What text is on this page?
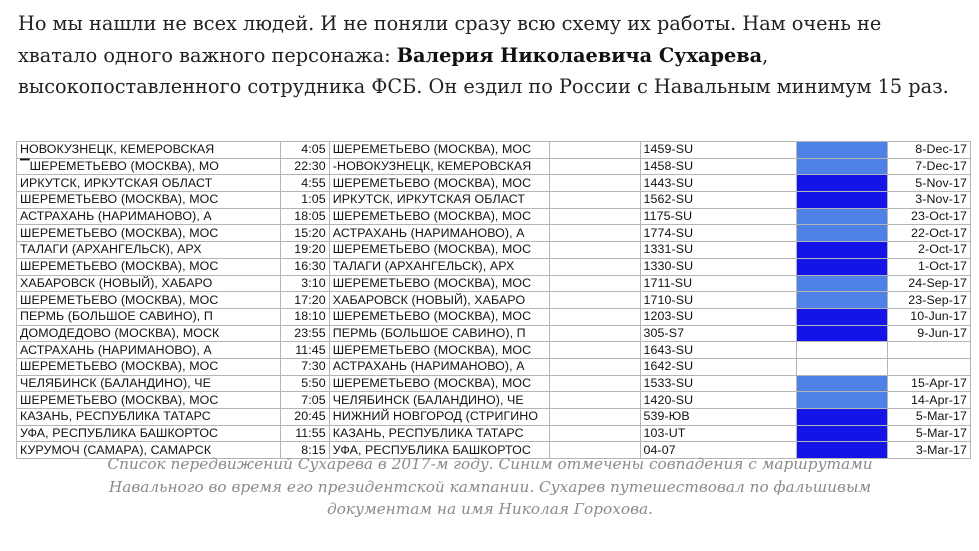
Но мы нашли не всех людей. И не поняли сразу всю схему их работы. Нам очень не хватало одного важного персонажа: Валерия Николаевича Сухарева, высокопоставленного сотрудника ФСБ. Он ездил по России с Навальным минимум 15 раз.

НОВОКУЗНЕЦК, КЕМЕРОВСКАЯ	4:05	ШЕРЕМЕТЬЕВО (МОСКВА), МОС		1459-SU		8-Dec-17
▔ШЕРЕМЕТЬЕВО (МОСКВА), МО	22:30	-НОВОКУЗНЕЦК, КЕМЕРОВСКАЯ		1458-SU		7-Dec-17
ИРКУТСК, ИРКУТСКАЯ ОБЛАСТ	4:55	ШЕРЕМЕТЬЕВО (МОСКВА), МОС		1443-SU		5-Nov-17
ШЕРЕМЕТЬЕВО (МОСКВА), МОС	1:05	ИРКУТСК, ИРКУТСКАЯ ОБЛАСТ		1562-SU		3-Nov-17
АСТРАХАНЬ (НАРИМАНОВО), А	18:05	ШЕРЕМЕТЬЕВО (МОСКВА), МОС		1175-SU		23-Oct-17
ШЕРЕМЕТЬЕВО (МОСКВА), МОС	15:20	АСТРАХАНЬ (НАРИМАНОВО), А		1774-SU		22-Oct-17
ТАЛАГИ (АРХАНГЕЛЬСК), АРХ	19:20	ШЕРЕМЕТЬЕВО (МОСКВА), МОС		1331-SU		2-Oct-17
ШЕРЕМЕТЬЕВО (МОСКВА), МОС	16:30	ТАЛАГИ (АРХАНГЕЛЬСК), АРХ		1330-SU		1-Oct-17
ХАБАРОВСК (НОВЫЙ), ХАБАРО	3:10	ШЕРЕМЕТЬЕВО (МОСКВА), МОС		1711-SU		24-Sep-17
ШЕРЕМЕТЬЕВО (МОСКВА), МОС	17:20	ХАБАРОВСК (НОВЫЙ), ХАБАРО		1710-SU		23-Sep-17
ПЕРМЬ (БОЛЬШОЕ САВИНО), П	18:10	ШЕРЕМЕТЬЕВО (МОСКВА), МОС		1203-SU		10-Jun-17
ДОМОДЕДОВО (МОСКВА), МОСК	23:55	ПЕРМЬ (БОЛЬШОЕ САВИНО), П		305-S7		9-Jun-17
АСТРАХАНЬ (НАРИМАНОВО), А	11:45	ШЕРЕМЕТЬЕВО (МОСКВА), МОС		1643-SU		
ШЕРЕМЕТЬЕВО (МОСКВА), МОС	7:30	АСТРАХАНЬ (НАРИМАНОВО), А		1642-SU		
ЧЕЛЯБИНСК (БАЛАНДИНО), ЧЕ	5:50	ШЕРЕМЕТЬЕВО (МОСКВА), МОС		1533-SU		15-Apr-17
ШЕРЕМЕТЬЕВО (МОСКВА), МОС	7:05	ЧЕЛЯБИНСК (БАЛАНДИНО), ЧЕ		1420-SU		14-Apr-17
КАЗАНЬ, РЕСПУБЛИКА ТАТАРС	20:45	НИЖНИЙ НОВГОРОД (СТРИГИНО		539-ЮВ		5-Mar-17
УФА, РЕСПУБЛИКА БАШКОРТОС	11:55	КАЗАНЬ, РЕСПУБЛИКА ТАТАРС		103-UT		5-Mar-17
КУРУМОЧ (САМАРА), САМАРСК	8:15	УФА, РЕСПУБЛИКА БАШКОРТОС		04-07		3-Mar-17

Список передвижений Сухарева в 2017-м году. Синим отмечены совпадения с маршрутами Навального во время его президентской кампании. Сухарев путешествовал по фальшивым документам на имя Николая Горохова.
